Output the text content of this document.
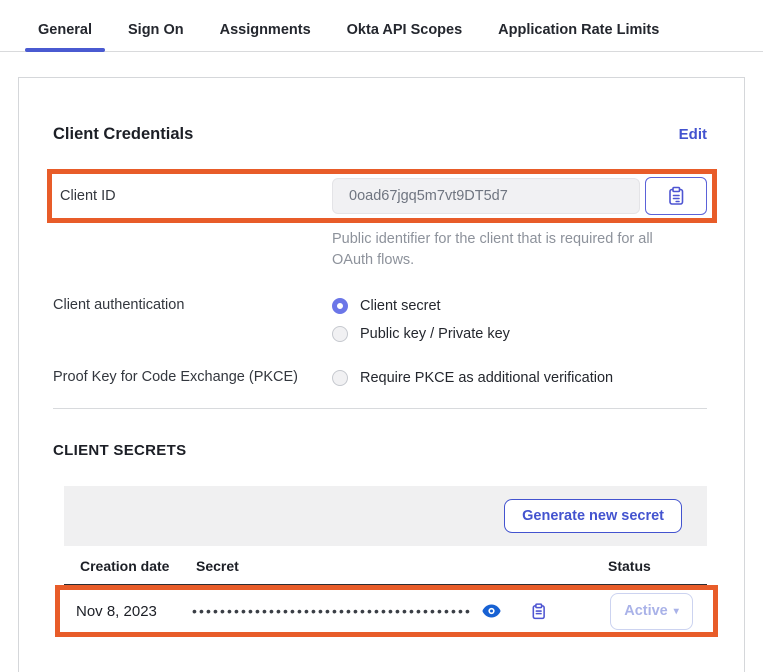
General	Sign On	Assignments	Okta API Scopes	Application Rate Limits
Client Credentials	Edit
Client ID	0oad67jgq5m7vt9DT5d7

Public identifier for the client that is required for all OAuth flows.

Client authentication	Client secret
Public key / Private key
Proof Key for Code Exchange (PKCE)	Require PKCE as additional verification
CLIENT SECRETS
Generate new secret
Creation date	Secret	Status
Nov 8, 2023	••••••••••••••••••••••••••••••••••••••••	Active ▾
